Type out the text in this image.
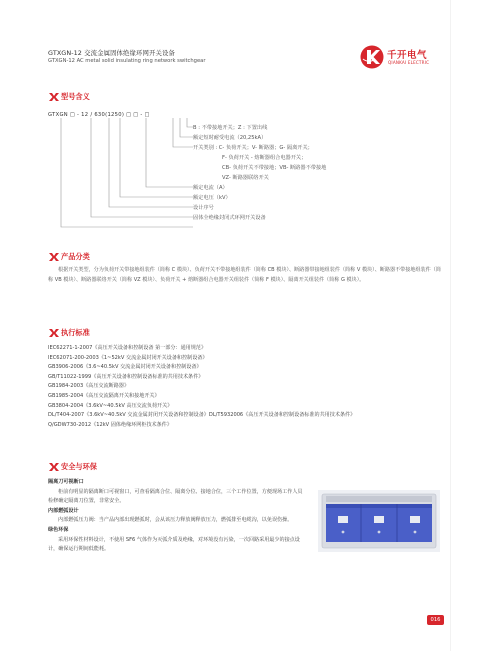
GTXGN-12 交流金属固体绝缘环网开关设备
GTXGN-12 AC metal solid insulating ring network switchgear	千开电气
QIANKAI ELECTRIC
型号含义
GTXGN □ - 12 / 630(1250) □ □ - □
B : 不带接地开关；Z : 下置出线
额定短时耐受电流（20,25kA）
开关类别 : C- 负荷开关；V- 断路器；G- 隔离开关；
F- 负荷开关 - 熔断器组合电器开关；
CB- 负荷开关不带接地；VB- 断路器不带接地
VZ- 断路器联络开关
额定电流（A）
额定电压（kV）
设计序号
固体全绝缘封闭式环网开关设备
产品分类

根据开关类型，分为负荷开关带接地组装件（简称 C 模块）、负荷开关不带接地组装件（简称 CB 模块）、断路器带接地组装件（简称 V 模块）、断路器不带接地组装件（简称 VB 模块）、断路器联络开关（简称 VZ 模块）、负荷开关 + 熔断器组合电器开关组装件（简称 F 模块）、隔离开关组装件（简称 G 模块）。

执行标准
IEC62271-1-2007《高压开关设备和控制设备 第一部分：通用规范》
IEC62071-200-2003《1~52kV 交流金属封闭开关设备和控制设备》
GB3906-2006《3.6~40.5kV 交流金属封闭开关设备和控制设备》
GB/T11022-1999《高压开关设备和控制设备标准的共用技术条件》
GB1984-2003《高压交流断路器》
GB1985-2004《高压交流隔离开关和接地开关》
GB3804-2004《3.6kV~40.5kV 高压交流负荷开关》
DL/T404-2007《3.6kV~40.5kV 交流金属封闭开关设备和控制设备》DL/T5932006《高压开关设备和控制设备标准的共用技术条件》
Q/GDW730-2012《12kV 固体绝缘环网柜技术条件》
安全与环保
隔离刀可视断口
柜前有明显的隔离断口可视窗口，可查看隔离合位、隔离分位、接地合位，三个工作位置，方便现场工作人员检修确定隔离刀位置，非常安全。
内部燃弧设计
内部燃弧压力阀：当产品内部出现燃弧时，会从该压力释放阀释放压力，燃弧排至电缆沟，以免误伤操。
绿色环保
采用环保性材料设计，不使用 SF6 气体作为灭弧介质及绝缘，对环境没有污染，一次回路采用最少的接点设计，确保运行期间低能耗。
016
